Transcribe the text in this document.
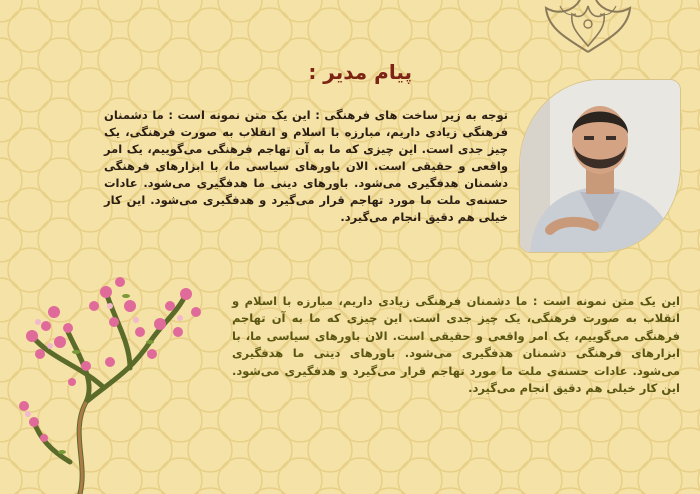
پیام مدیر :

توجه به زیر ساخت های فرهنگی : این یک متن نمونه است : ما دشمنان فرهنگی زیادی داریم، مبارزه با اسلام و انقلاب به صورت فرهنگی، یک چیز جدی است. این چیزی که ما به آن تهاجم فرهنگی می‌گوییم، یک امر واقعی و حقیقی است. الان باورهای سیاسی ما، با ابزارهای فرهنگی دشمنان هدفگیری می‌شود. باورهای دینی ما هدفگیری می‌شود. عادات حسنه‌ی ملت ما مورد تهاجم قرار می‌گیرد و هدفگیری می‌شود. این کار خیلی هم دقیق انجام می‌گیرد.

این یک متن نمونه است : ما دشمنان فرهنگی زیادی داریم، مبارزه با اسلام و انقلاب به صورت فرهنگی، یک چیز جدی است. این چیزی که ما به آن تهاجم فرهنگی می‌گوییم، یک امر واقعی و حقیقی است. الان باورهای سیاسی ما، با ابزارهای فرهنگی دشمنان هدفگیری می‌شود. باورهای دینی ما هدفگیری می‌شود. عادات حسنه‌ی ملت ما مورد تهاجم قرار می‌گیرد و هدفگیری می‌شود. این کار خیلی هم دقیق انجام می‌گیرد.
